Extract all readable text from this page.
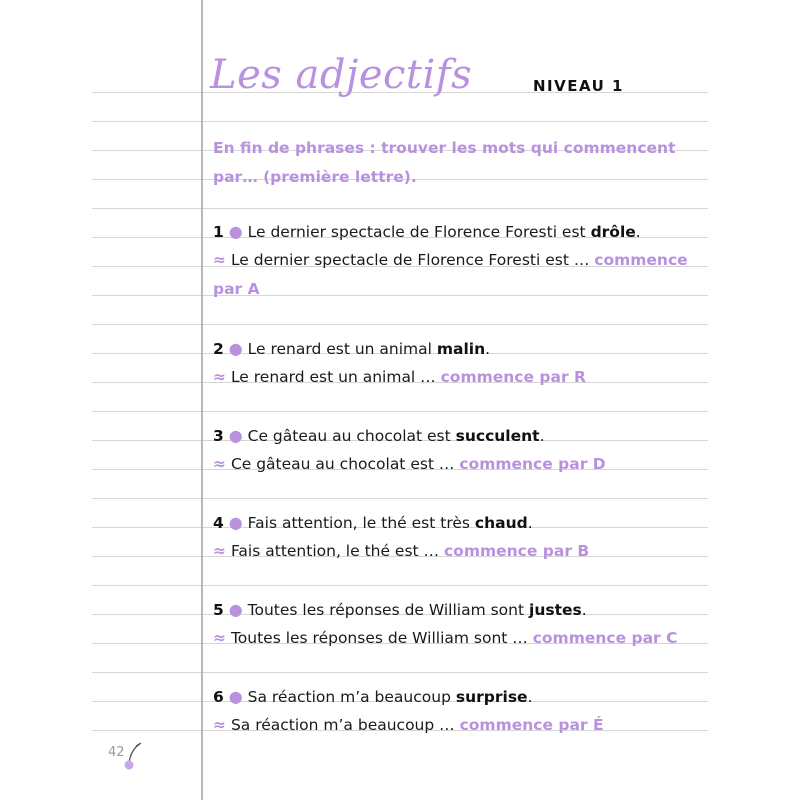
Les adjectifs	NIVEAU 1
En fin de phrases : trouver les mots qui commencent par… (première lettre).
1 ● Le dernier spectacle de Florence Foresti est drôle.
≈ Le dernier spectacle de Florence Foresti est … commence par A
2 ● Le renard est un animal malin.
≈ Le renard est un animal … commence par R
3 ● Ce gâteau au chocolat est succulent.
≈ Ce gâteau au chocolat est … commence par D
4 ● Fais attention, le thé est très chaud.
≈ Fais attention, le thé est … commence par B
5 ● Toutes les réponses de William sont justes.
≈ Toutes les réponses de William sont … commence par C
6 ● Sa réaction m’a beaucoup surprise.
≈ Sa réaction m’a beaucoup … commence par É
42
